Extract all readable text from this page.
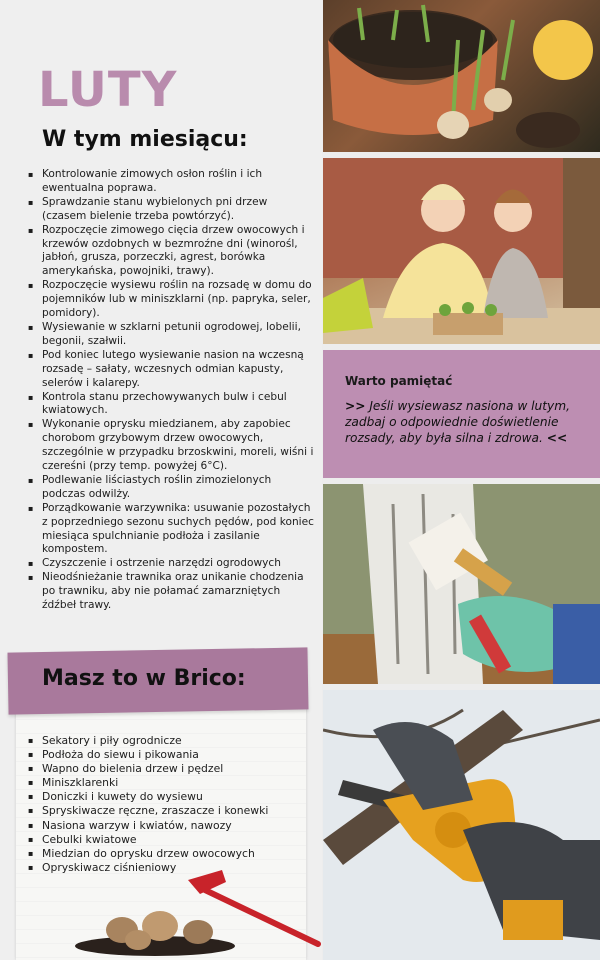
LUTY
W tym miesiącu:
▪ Kontrolowanie zimowych osłon roślin i ich ewentualna poprawa.
▪ Sprawdzanie stanu wybielonych pni drzew (czasem bielenie trzeba powtórzyć).
▪ Rozpoczęcie zimowego cięcia drzew owocowych i krzewów ozdobnych w bezmroźne dni (winorośl, jabłoń, grusza, porzeczki, agrest, borówka amerykańska, powojniki, trawy).
▪ Rozpoczęcie wysiewu roślin na rozsadę w domu do pojemników lub w miniszklarni (np. papryka, seler, pomidory).
▪ Wysiewanie w szklarni petunii ogrodowej, lobelii, begonii, szałwii.
▪ Pod koniec lutego wysiewanie nasion na wczesną rozsadę – sałaty, wczesnych odmian kapusty, selerów i kalarepy.
▪ Kontrola stanu przechowywanych bulw i cebul kwiatowych.
▪ Wykonanie oprysku miedzianem, aby zapobiec chorobom grzybowym drzew owocowych, szczególnie w przypadku brzoskwini, moreli, wiśni i czereśni (przy temp. powyżej 6°C).
▪ Podlewanie liściastych roślin zimozielonych podczas odwilży.
▪ Porządkowanie warzywnika: usuwanie pozostałych z poprzedniego sezonu suchych pędów, pod koniec miesiąca spulchnianie podłoża i zasilanie kompostem.
▪ Czyszczenie i ostrzenie narzędzi ogrodowych
▪ Nieodśnieżanie trawnika oraz unikanie chodzenia po trawniku, aby nie połamać zamarzniętych źdźbeł trawy.
Masz to w Brico:
▪ Sekatory i piły ogrodnicze
▪ Podłoża do siewu i pikowania
▪ Wapno do bielenia drzew i pędzel
▪ Miniszklarenki
▪ Doniczki i kuwety do wysiewu
▪ Spryskiwacze ręczne, zraszacze i konewki
▪ Nasiona warzyw i kwiatów, nawozy
▪ Cebulki kwiatowe
▪ Miedzian do oprysku drzew owocowych
▪ Opryskiwacz ciśnieniowy
Warto pamiętać
>> Jeśli wysiewasz nasiona w lutym, zadbaj o odpowiednie doświetlenie rozsady, aby była silna i zdrowa. <<
